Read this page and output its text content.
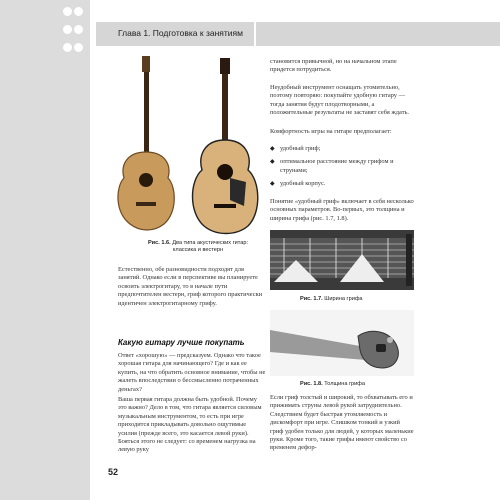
52
Глава 1. Подготовка к занятиям
Рис. 1.6. Два типа акустических гитар: классика и вестерн
Естественно, обе разновидности подходят для занятий. Однако если в перспективе вы планируете освоить электрогитару, то в начале пути предпочтителен вестерн, гриф которого практически идентичен электрогитарному грифу.
Какую гитару лучше покупать
Ответ «хорошую» — предсказуем. Однако что такое хорошая гитара для начинающего? Где и как ее купить, на что обратить основное внимание, чтобы не жалеть впоследствии о бессмысленно потраченных деньгах?
Ваша первая гитара должна быть удобной. Почему это важно? Дело в том, что гитара является силовым музыкальным инструментом, то есть при игре приходится прикладывать довольно ощутимые усилия (прежде всего, это касается левой руки). Бояться этого не следует: со временем нагрузка на левую руку
становится привычной, но на начальном этапе придется потрудиться.
Неудобный инструмент оснащать утомительно, поэтому повторяю: покупайте удобную гитару — тогда занятия будут плодотворными, а положительные результаты не заставят себя ждать.
Комфортность игры на гитаре предполагает:
◆ удобный гриф;
◆ оптимальное расстояние между грифом и струнами;
◆ удобный корпус.
Понятие «удобный гриф» включает в себя несколько основных параметров. Во-первых, это толщина и ширина грифа (рис. 1.7, 1.8).
Рис. 1.7. Ширина грифа
Рис. 1.8. Толщина грифа
Если гриф толстый и широкий, то обхватывать его и прижимать струны левой рукой затруднительно. Следствием будет быстрая утомляемость и дискомфорт при игре. Слишком тонкий и узкий гриф удобен только для людей, у которых маленькие руки. Кроме того, такие грифы имеют свойство со временем дефор-
